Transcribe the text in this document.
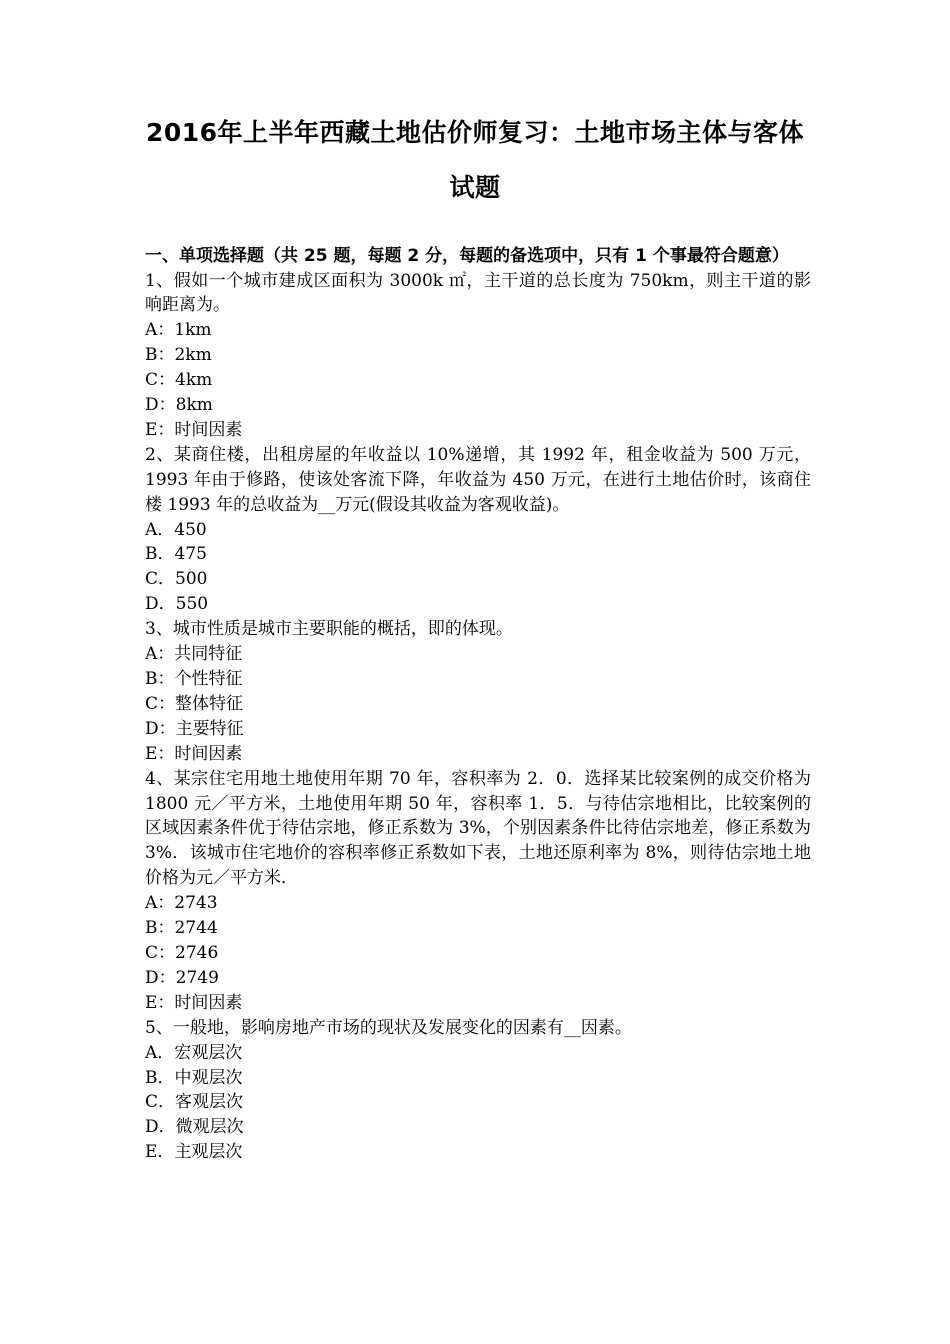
2016年上半年西藏土地估价师复习：土地市场主体与客体
试题

一、单项选择题（共 25 题，每题 2 分，每题的备选项中，只有 1 个事最符合题意）

1、假如一个城市建成区面积为 3000k ㎡，主干道的总长度为 750km，则主干道的影响距离为。

A：1km

B：2km

C：4km

D：8km

E：时间因素

2、某商住楼，出租房屋的年收益以 10%递增，其 1992 年，租金收益为 500 万元，1993 年由于修路，使该处客流下降，年收益为 450 万元，在进行土地估价时，该商住楼 1993 年的总收益为__万元(假设其收益为客观收益)。

A．450

B．475

C．500

D．550

3、城市性质是城市主要职能的概括，即的体现。

A：共同特征

B：个性特征

C：整体特征

D：主要特征

E：时间因素

4、某宗住宅用地土地使用年期 70 年，容积率为 2．0．选择某比较案例的成交价格为 1800 元／平方米，土地使用年期 50 年，容积率 1．5．与待估宗地相比，比较案例的区域因素条件优于待估宗地，修正系数为 3%，个别因素条件比待估宗地差，修正系数为 3%．该城市住宅地价的容积率修正系数如下表，土地还原利率为 8%，则待估宗地土地价格为元／平方米．

A：2743

B：2744

C：2746

D：2749

E：时间因素

5、一般地，影响房地产市场的现状及发展变化的因素有__因素。

A．宏观层次

B．中观层次

C．客观层次

D．微观层次

E．主观层次
